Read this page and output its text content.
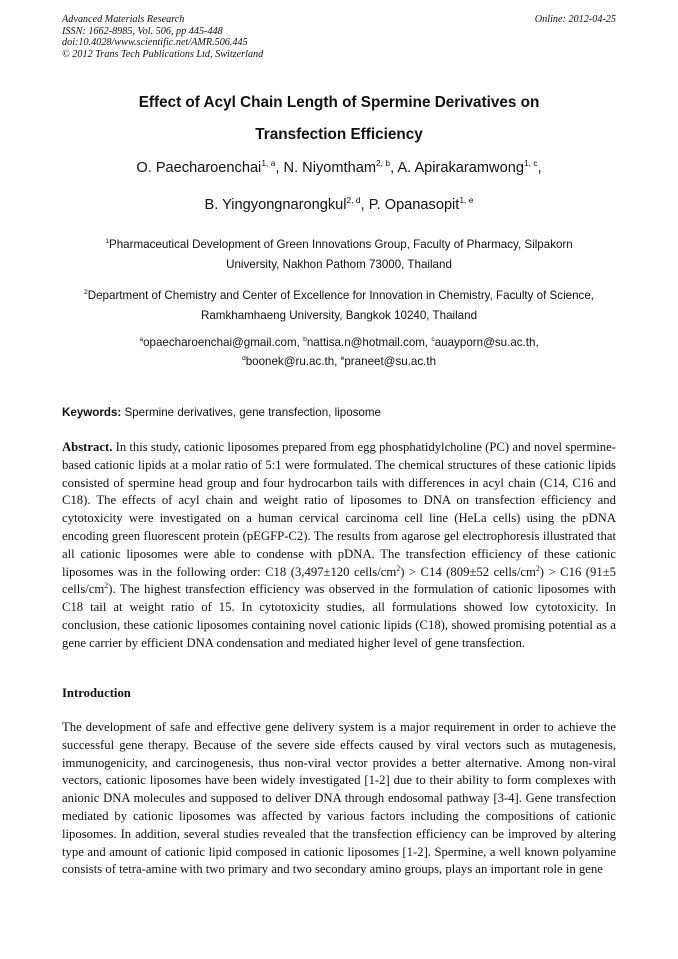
Advanced Materials Research
ISSN: 1662-8985, Vol. 506, pp 445-448
doi:10.4028/www.scientific.net/AMR.506.445
© 2012 Trans Tech Publications Ltd, Switzerland
Online: 2012-04-25
Effect of Acyl Chain Length of Spermine Derivatives on
Transfection Efficiency
O. Paecharoenchai$^{1, a}$, N. Niyomtham$^{2, b}$, A. Apirakaramwong$^{1, c}$,
B. Yingyongnarongkul$^{2, d}$, P. Opanasopit$^{1, e}$
$^1$Pharmaceutical Development of Green Innovations Group, Faculty of Pharmacy, Silpakorn
University, Nakhon Pathom 73000, Thailand
$^2$Department of Chemistry and Center of Excellence for Innovation in Chemistry, Faculty of Science,
Ramkhamhaeng University, Bangkok 10240, Thailand
$^a$opaecharoenchai@gmail.com, $^b$nattisa.n@hotmail.com, $^c$auayporn@su.ac.th,
$^d$boonek@ru.ac.th, $^e$praneet@su.ac.th
Keywords: Spermine derivatives, gene transfection, liposome
Abstract. In this study, cationic liposomes prepared from egg phosphatidylcholine (PC) and novel spermine-based cationic lipids at a molar ratio of 5:1 were formulated. The chemical structures of these cationic lipids consisted of spermine head group and four hydrocarbon tails with differences in acyl chain (C14, C16 and C18). The effects of acyl chain and weight ratio of liposomes to DNA on transfection efficiency and cytotoxicity were investigated on a human cervical carcinoma cell line (HeLa cells) using the pDNA encoding green fluorescent protein (pEGFP-C2). The results from agarose gel electrophoresis illustrated that all cationic liposomes were able to condense with pDNA. The transfection efficiency of these cationic liposomes was in the following order: C18 (3,497±120 cells/$cm^2) > C14$ (809±52 cells/$cm^2) > C16$ (91±5 cells/$cm^2$). The highest transfection efficiency was observed in the formulation of cationic liposomes with C18 tail at weight ratio of 15. In cytotoxicity studies, all formulations showed low cytotoxicity. In conclusion, these cationic liposomes containing novel cationic lipids (C18), showed promising potential as a gene carrier by efficient DNA condensation and mediated higher level of gene transfection.
Introduction
The development of safe and effective gene delivery system is a major requirement in order to achieve the successful gene therapy. Because of the severe side effects caused by viral vectors such as mutagenesis, immunogenicity, and carcinogenesis, thus non-viral vector provides a better alternative. Among non-viral vectors, cationic liposomes have been widely investigated [1-2] due to their ability to form complexes with anionic DNA molecules and supposed to deliver DNA through endosomal pathway [3-4]. Gene transfection mediated by cationic liposomes was affected by various factors including the compositions of cationic liposomes. In addition, several studies revealed that the transfection efficiency can be improved by altering type and amount of cationic lipid composed in cationic liposomes [1-2]. Spermine, a well known polyamine consists of tetra-amine with two primary and two secondary amino groups, plays an important role in gene
